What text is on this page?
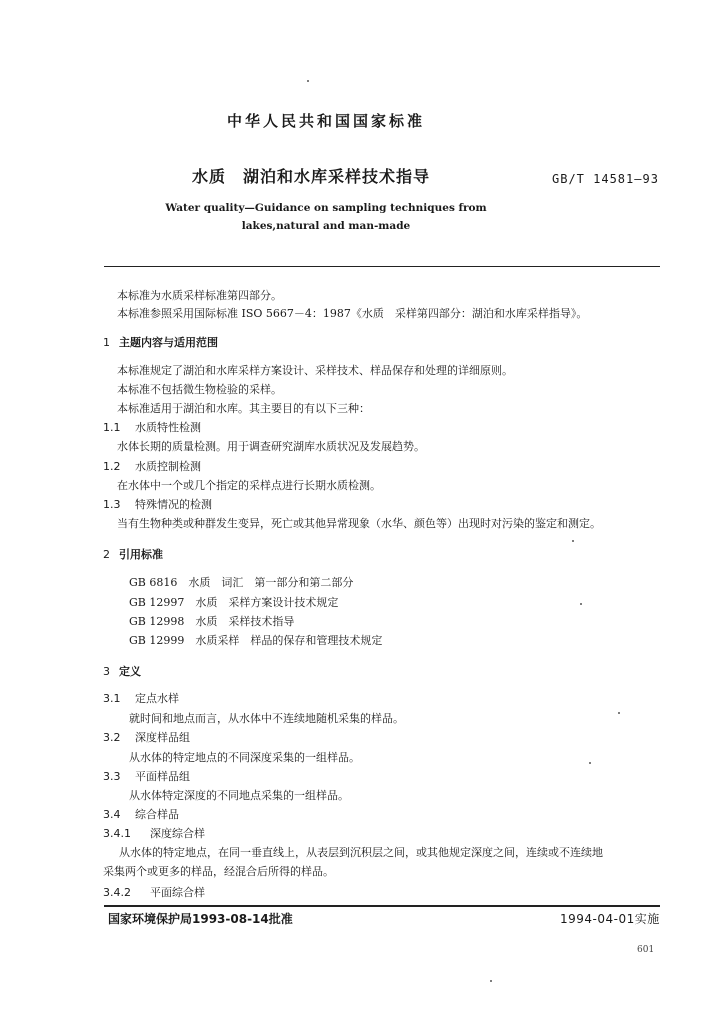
中华人民共和国国家标准
水质　湖泊和水库采样技术指导	GB/T 14581—93
Water quality—Guidance on sampling techniques from
lakes,natural and man-made
本标准为水质采样标准第四部分。
本标准参照采用国际标准 ISO 5667－4：1987《水质　采样第四部分：湖泊和水库采样指导》。
1 主题内容与适用范围
本标准规定了湖泊和水库采样方案设计、采样技术、样品保存和处理的详细原则。
本标准不包括微生物检验的采样。
本标准适用于湖泊和水库。其主要目的有以下三种：
1.1 水质特性检测
水体长期的质量检测。用于调查研究湖库水质状况及发展趋势。
1.2 水质控制检测
在水体中一个或几个指定的采样点进行长期水质检测。
1.3 特殊情况的检测
当有生物种类或种群发生变异，死亡或其他异常现象（水华、颜色等）出现时对污染的鉴定和测定。
2 引用标准
GB 6816　水质　词汇　第一部分和第二部分
GB 12997　水质　采样方案设计技术规定
GB 12998　水质　采样技术指导
GB 12999　水质采样　样品的保存和管理技术规定
3 定义
3.1 定点水样
就时间和地点而言，从水体中不连续地随机采集的样品。
3.2 深度样品组
从水体的特定地点的不同深度采集的一组样品。
3.3 平面样品组
从水体特定深度的不同地点采集的一组样品。
3.4 综合样品
3.4.1 深度综合样
从水体的特定地点，在同一垂直线上，从表层到沉积层之间，或其他规定深度之间，连续或不连续地
采集两个或更多的样品，经混合后所得的样品。
3.4.2 平面综合样
国家环境保护局1993-08-14批准	1994-04-01实施
601
